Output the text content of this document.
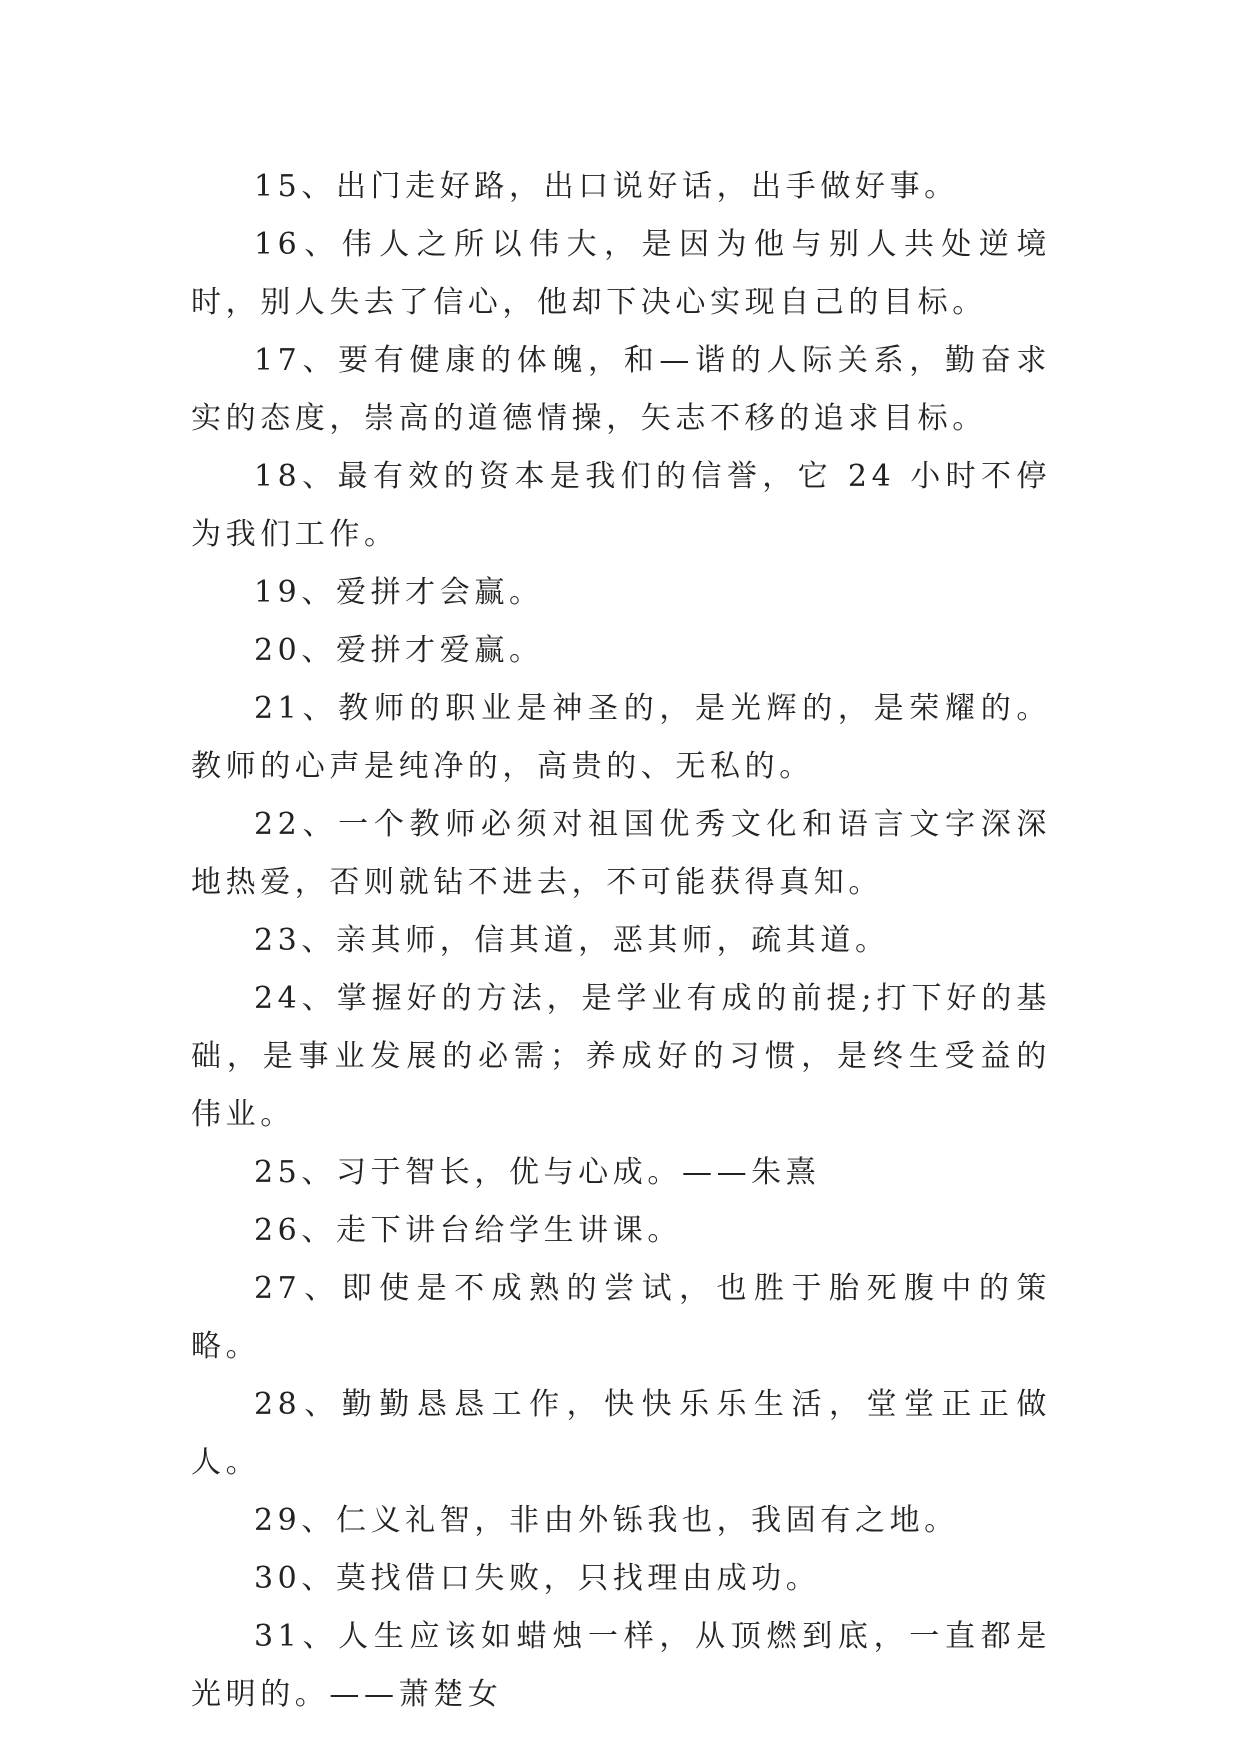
15、出门走好路，出口说好话，出手做好事。

16、伟人之所以伟大，是因为他与别人共处逆境时，别人失去了信心，他却下决心实现自己的目标。

17、要有健康的体魄，和—谐的人际关系，勤奋求实的态度，崇高的道德情操，矢志不移的追求目标。

18、最有效的资本是我们的信誉，它 24 小时不停为我们工作。

19、爱拼才会赢。

20、爱拼才爱赢。

21、教师的职业是神圣的，是光辉的，是荣耀的。教师的心声是纯净的，高贵的、无私的。

22、一个教师必须对祖国优秀文化和语言文字深深地热爱，否则就钻不进去，不可能获得真知。

23、亲其师，信其道，恶其师，疏其道。

24、掌握好的方法，是学业有成的前提;打下好的基础，是事业发展的必需；养成好的习惯，是终生受益的伟业。

25、习于智长，优与心成。——朱熹

26、走下讲台给学生讲课。

27、即使是不成熟的尝试，也胜于胎死腹中的策略。

28、勤勤恳恳工作，快快乐乐生活，堂堂正正做人。

29、仁义礼智，非由外铄我也，我固有之地。

30、莫找借口失败，只找理由成功。

31、人生应该如蜡烛一样，从顶燃到底，一直都是光明的。——萧楚女
